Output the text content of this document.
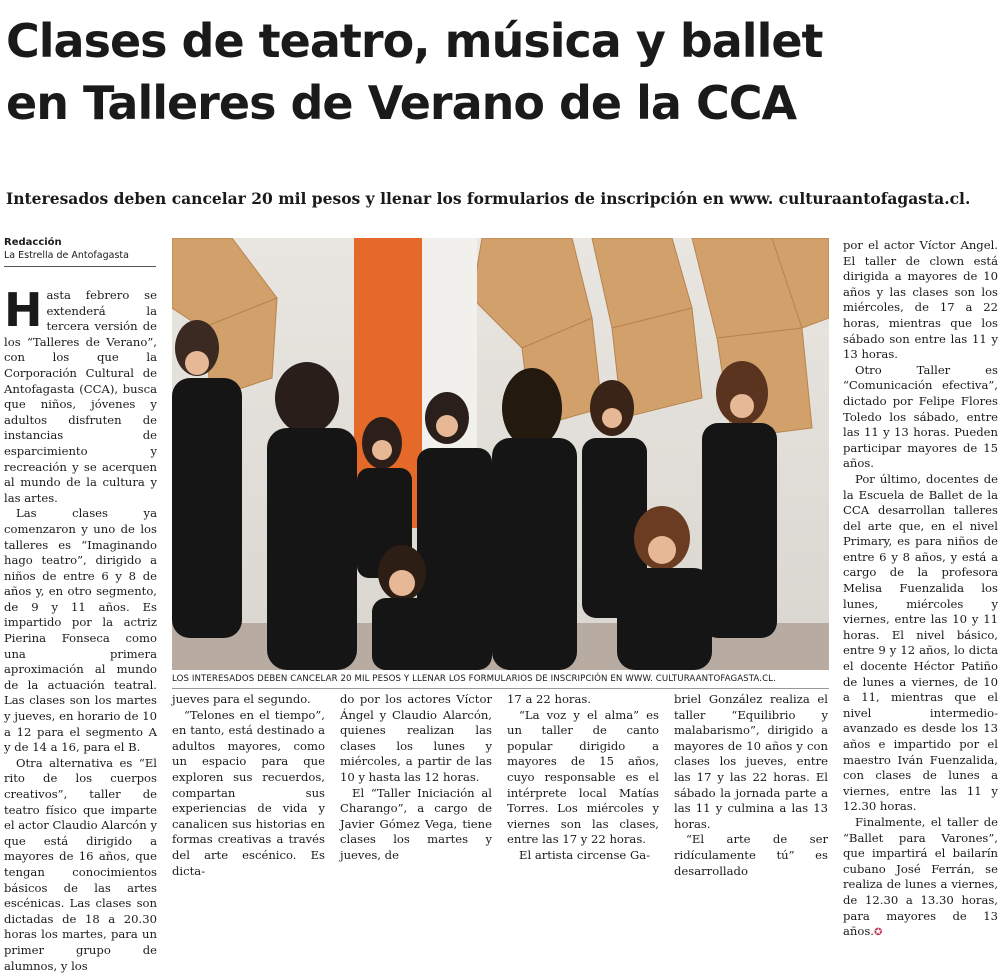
Clases de teatro, música y ballet
en Talleres de Verano de la CCA

Interesados deben cancelar 20 mil pesos y llenar los formularios de inscripción en www. culturaantofagasta.cl.

Redacción
La Estrella de Antofagasta

Hasta febrero se extenderá la tercera versión de los “Talleres de Verano”, con los que la Corporación Cultural de Antofagasta (CCA), busca que niños, jóvenes y adultos disfruten de instancias de esparcimiento y recreación y se acerquen al mundo de la cultura y las artes.

Las clases ya comenzaron y uno de los talleres es “Imaginando hago teatro”, dirigido a niños de entre 6 y 8 de años y, en otro segmento, de 9 y 11 años. Es impartido por la actriz Pierina Fonseca como una primera aproximación al mundo de la actuación teatral. Las clases son los martes y jueves, en horario de 10 a 12 para el segmento A y de 14 a 16, para el B.

Otra alternativa es “El rito de los cuerpos creativos”, taller de teatro físico que imparte el actor Claudio Alarcón y que está dirigido a mayores de 16 años, que tengan conocimientos básicos de las artes escénicas. Las clases son dictadas de 18 a 20.30 horas los martes, para un primer grupo de alumnos, y los

LOS INTERESADOS DEBEN CANCELAR 20 MIL PESOS Y LLENAR LOS FORMULARIOS DE INSCRIPCIÓN EN WWW. CULTURAANTOFAGASTA.CL.

jueves para el segundo.

“Telones en el tiempo”, en tanto, está destinado a adultos mayores, como un espacio para que exploren sus recuerdos, compartan sus experiencias de vida y canalicen sus historias en formas creativas a través del arte escénico. Es dicta-

do por los actores Víctor Ángel y Claudio Alarcón, quienes realizan las clases los lunes y miércoles, a partir de las 10 y hasta las 12 horas.

El “Taller Iniciación al Charango”, a cargo de Javier Gómez Vega, tiene clases los martes y jueves, de

17 a 22 horas.

“La voz y el alma” es un taller de canto popular dirigido a mayores de 15 años, cuyo responsable es el intérprete local Matías Torres. Los miércoles y viernes son las clases, entre las 17 y 22 horas.

El artista circense Ga-

briel González realiza el taller “Equilibrio y malabarismo”, dirigido a mayores de 10 años y con clases los jueves, entre las 17 y las 22 horas. El sábado la jornada parte a las 11 y culmina a las 13 horas.

“El arte de ser ridículamente tú” es desarrollado

por el actor Víctor Angel. El taller de clown está dirigida a mayores de 10 años y las clases son los miércoles, de 17 a 22 horas, mientras que los sábado son entre las 11 y 13 horas.

Otro Taller es “Comunicación efectiva”, dictado por Felipe Flores Toledo los sábado, entre las 11 y 13 horas. Pueden participar mayores de 15 años.

Por último, docentes de la Escuela de Ballet de la CCA desarrollan talleres del arte que, en el nivel Primary, es para niños de entre 6 y 8 años, y está a cargo de la profesora Melisa Fuenzalida los lunes, miércoles y viernes, entre las 10 y 11 horas. El nivel básico, entre 9 y 12 años, lo dicta el docente Héctor Patiño de lunes a viernes, de 10 a 11, mientras que el nivel intermedio-avanzado es desde los 13 años e impartido por el maestro Iván Fuenzalida, con clases de lunes a viernes, entre las 11 y 12.30 horas.

Finalmente, el taller de “Ballet para Varones”, que impartirá el bailarín cubano José Ferrán, se realiza de lunes a viernes, de 12.30 a 13.30 horas, para mayores de 13 años.✪
